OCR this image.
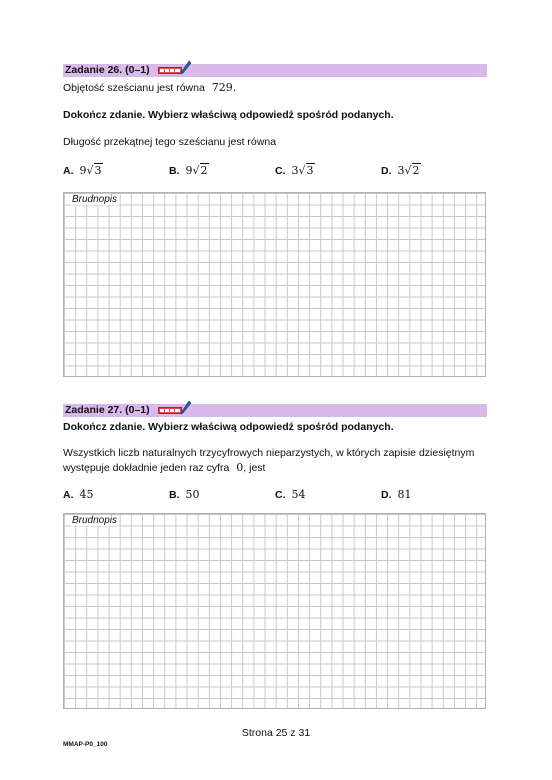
Zadanie 26. (0–1)
Objętość sześcianu jest równa 729.
Dokończ zdanie. Wybierz właściwą odpowiedź spośród podanych.
Długość przekątnej tego sześcianu jest równa
A. 9√3	B. 9√2	C. 3√3	D. 3√2
Brudnopis
Zadanie 27. (0–1)
Dokończ zdanie. Wybierz właściwą odpowiedź spośród podanych.
Wszystkich liczb naturalnych trzycyfrowych nieparzystych, w których zapisie dziesiętnym
występuje dokładnie jeden raz cyfra 0, jest
A. 45	B. 50	C. 54	D. 81
Brudnopis
Strona 25 z 31
MMAP-P0_100
